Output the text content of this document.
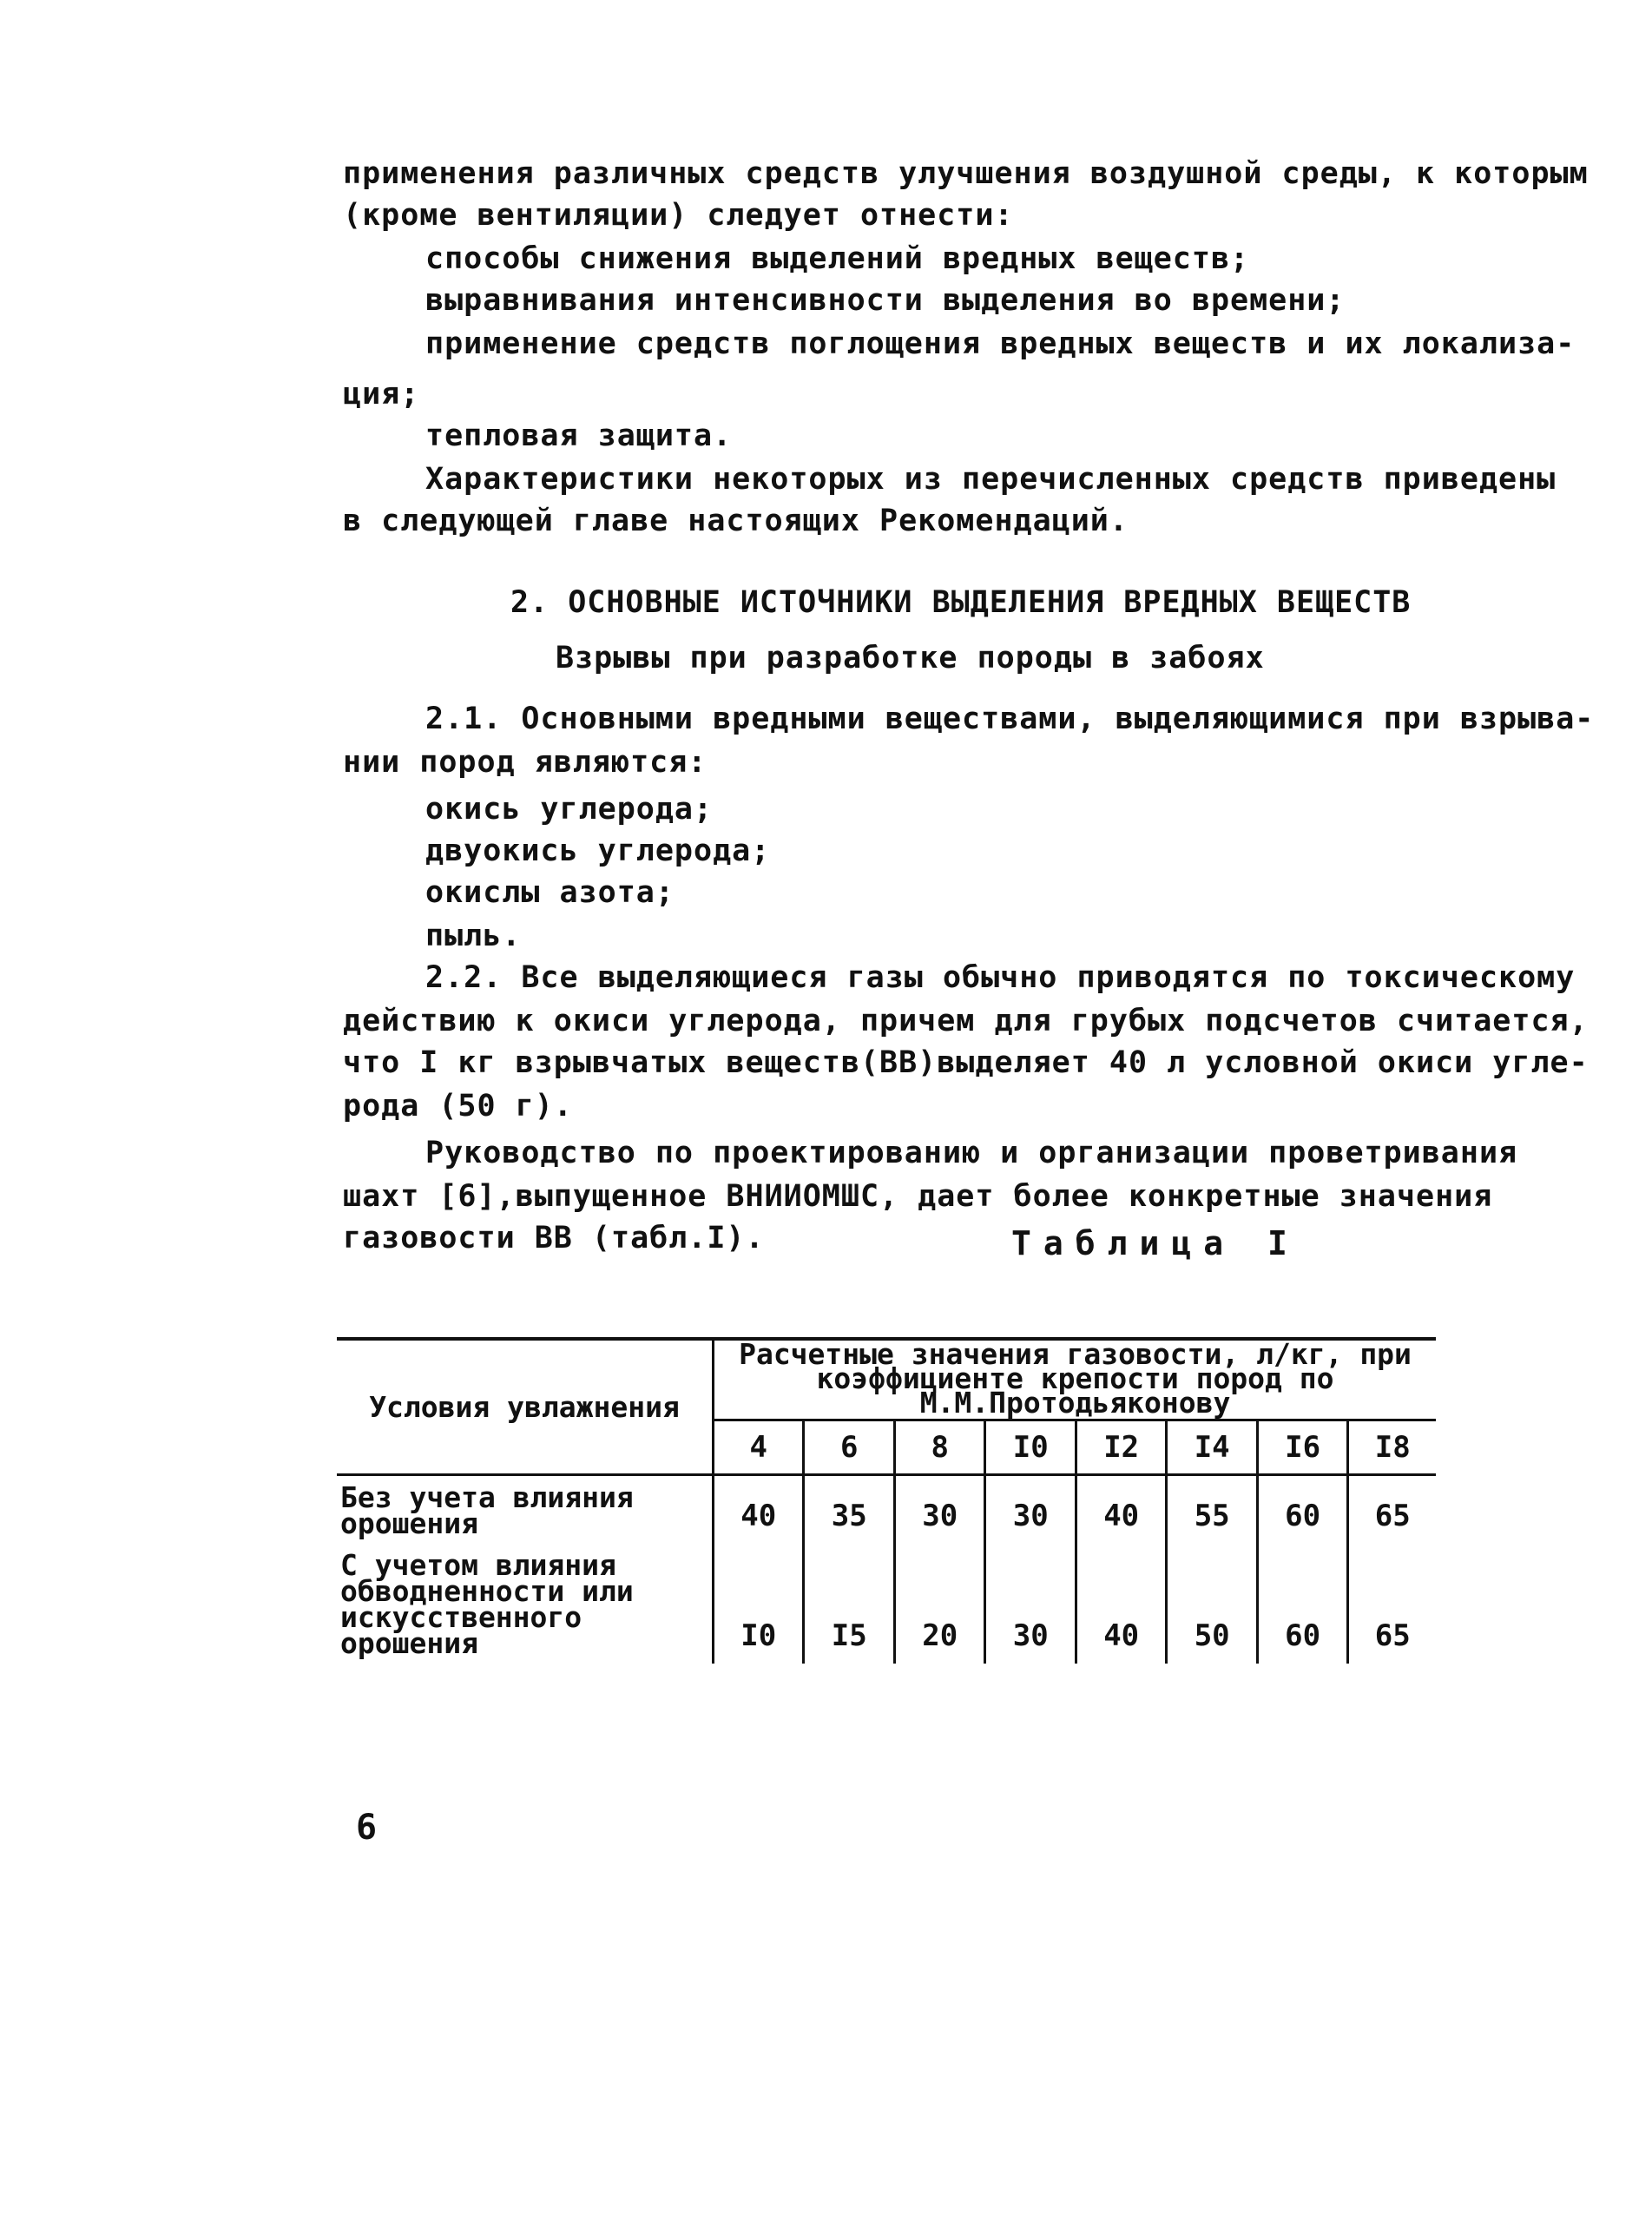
применения различных средств улучшения воздушной среды, к которым
(кроме вентиляции) следует отнести:
способы снижения выделений вредных веществ;
выравнивания интенсивности выделения во времени;
применение средств поглощения вредных веществ и их локализа-
ция;
тепловая защита.
Характеристики некоторых из перечисленных средств приведены
в следующей главе настоящих Рекомендаций.
2. ОСНОВНЫЕ ИСТОЧНИКИ ВЫДЕЛЕНИЯ ВРЕДНЫХ ВЕЩЕСТВ
Взрывы при разработке породы в забоях
2.1. Основными вредными веществами, выделяющимися при взрыва-
нии пород являются:
окись углерода;
двуокись углерода;
окислы азота;
пыль.
2.2. Все выделяющиеся газы обычно приводятся по токсическому
действию к окиси углерода, причем для грубых подсчетов считается,
что I кг взрывчатых веществ(ВВ)выделяет 40 л условной окиси угле-
рода (50 г).
Руководство по проектированию и организации проветривания
шахт [6],выпущенное ВНИИОМШС, дает более конкретные значения
газовости ВВ (табл.I).	Таблица I
Условия увлажнения	Расчетные значения газовости, л/кг, при коэффициенте крепости пород по М.М.Протодьяконову							
	4	6	8	I0	I2	I4	I6	I8
Без учета влияния орошения	40	35	30	30	40	55	60	65
С учетом влияния обводненности или искусственного орошения	I0	I5	20	30	40	50	60	65
6
